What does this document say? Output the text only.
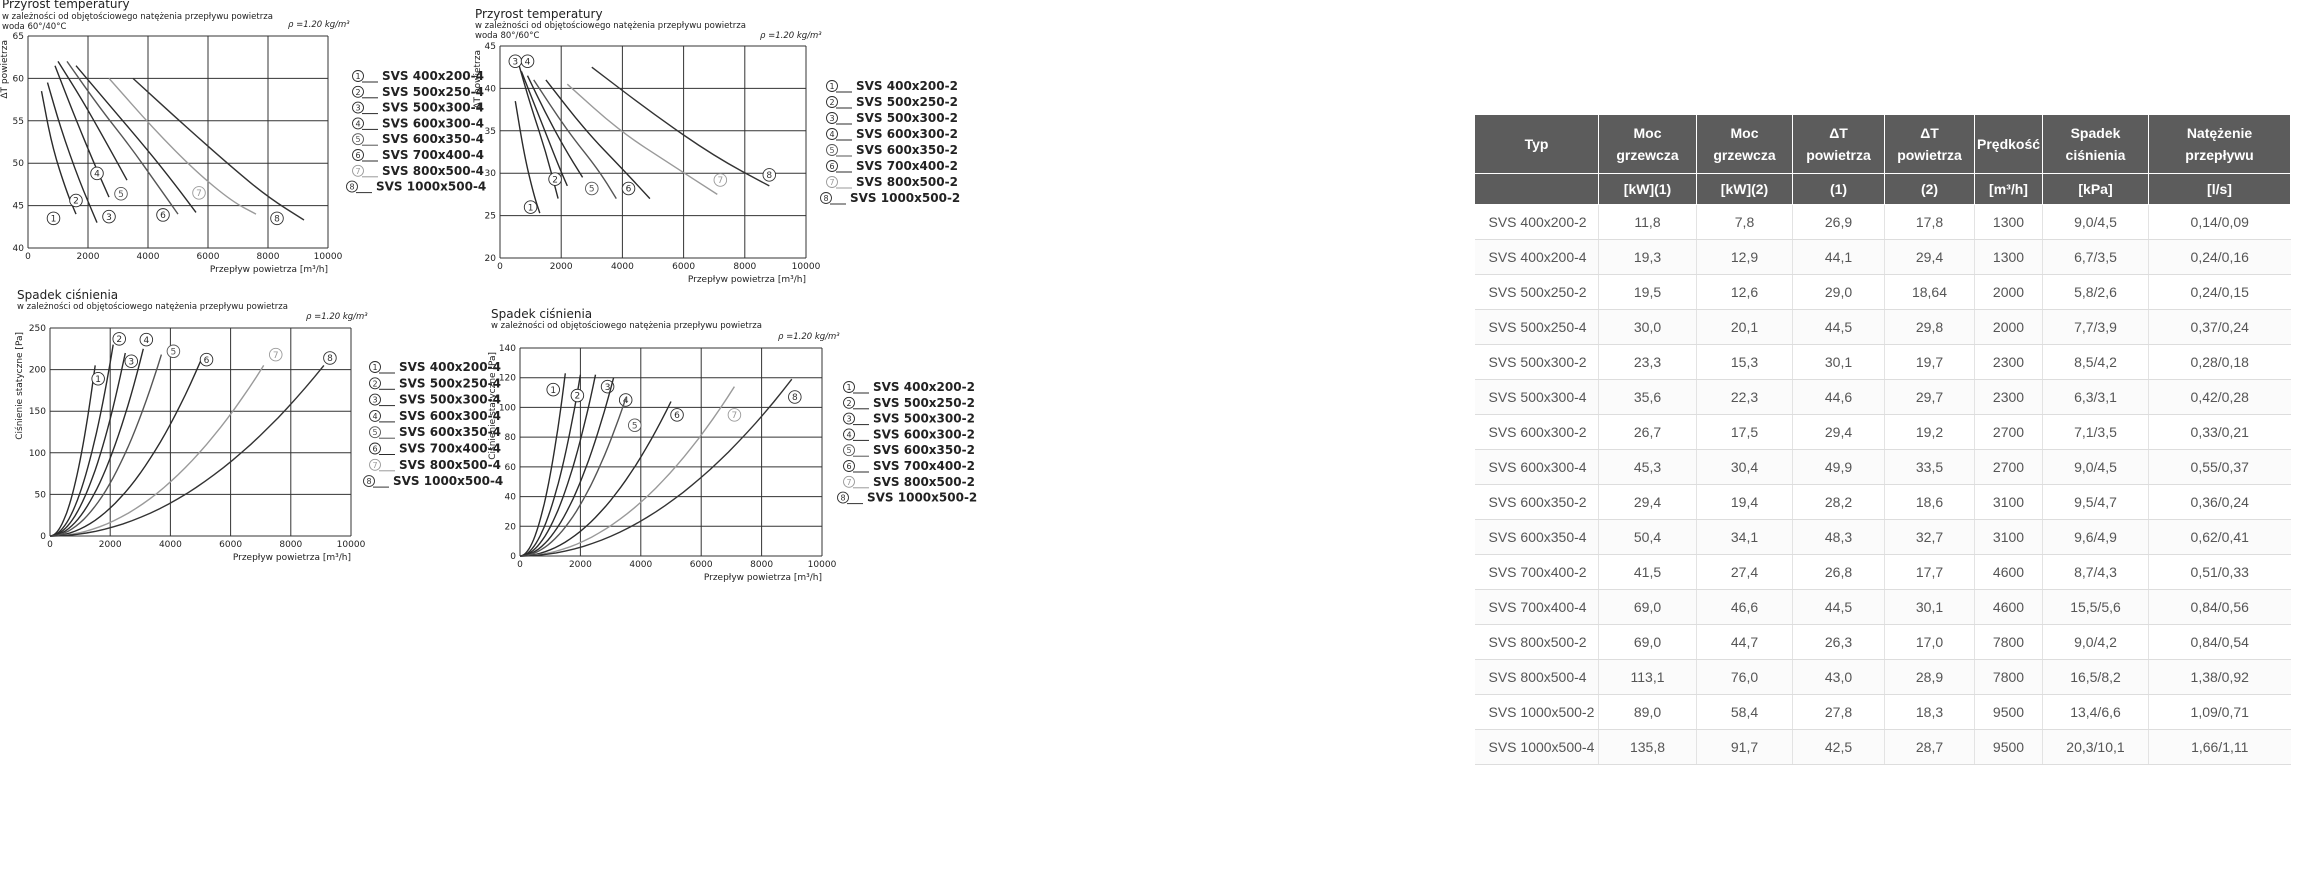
Przyrost temperatury
w zależności od objętościowego natężenia przepływu powietrza
woda 60°/40°C	ρ =1.20 kg/m³
0	2000	4000	6000	8000	10000
40
45
50
55
60
65
Przepływ powietrza [m³/h]
ΔT powietrza
1
2
3
4
5
6
7
8
1 SVS 400x200-4
2 SVS 500x250-4
3 SVS 500x300-4
4 SVS 600x300-4
5 SVS 600x350-4
6 SVS 700x400-4
7 SVS 800x500-4
8 SVS 1000x500-4
Przyrost temperatury
w zależności od objętościowego natężenia przepływu powietrza
woda 80°/60°C	ρ =1.20 kg/m³
0	2000	4000	6000	8000	10000
20
25
30
35
40
45
Przepływ powietrza [m³/h]
ΔT powietrza
1
2
3 4
5	6
7
8
1 SVS 400x200-2
2 SVS 500x250-2
3 SVS 500x300-2
4 SVS 600x300-2
5 SVS 600x350-2
6 SVS 700x400-2
7 SVS 800x500-2
8 SVS 1000x500-2
Spadek ciśnienia
w zależności od objętościowego natężenia przepływu powietrza
ρ =1.20 kg/m³
0	2000	4000	6000	8000	10000
0
50
100
150
200
250
Przepływ powietrza [m³/h]
Ciśnienie statyczne [Pa]	1
2
3
4
5
6	7	8
1 SVS 400x200-4
2 SVS 500x250-4
3 SVS 500x300-4
4 SVS 600x300-4
5 SVS 600x350-4
6 SVS 700x400-4
7 SVS 800x500-4
8 SVS 1000x500-4
Spadek ciśnienia
w zależności od objętościowego natężenia przepływu powietrza
ρ =1.20 kg/m³
0	2000	4000	6000	8000	10000
0
20
40
60
80
100
120
140
Przepływ powietrza [m³/h]
Ciśnienie statyczne [Pa]	1
2
3
4
5
6	7
8
1 SVS 400x200-2
2 SVS 500x250-2
3 SVS 500x300-2
4 SVS 600x300-2
5 SVS 600x350-2
6 SVS 700x400-2
7 SVS 800x500-2
8 SVS 1000x500-2
Typ	Moc grzewcza	Moc grzewcza	ΔT powietrza	ΔT powietrza	Prędkość	Spadek ciśnienia	Natężenie przepływu
	[kW](1)	[kW](2)	(1)	(2)	[m³/h]	[kPa]	[l/s]
SVS 400x200-2	11,8	7,8	26,9	17,8	1300	9,0/4,5	0,14/0,09
SVS 400x200-4	19,3	12,9	44,1	29,4	1300	6,7/3,5	0,24/0,16
SVS 500x250-2	19,5	12,6	29,0	18,64	2000	5,8/2,6	0,24/0,15
SVS 500x250-4	30,0	20,1	44,5	29,8	2000	7,7/3,9	0,37/0,24
SVS 500x300-2	23,3	15,3	30,1	19,7	2300	8,5/4,2	0,28/0,18
SVS 500x300-4	35,6	22,3	44,6	29,7	2300	6,3/3,1	0,42/0,28
SVS 600x300-2	26,7	17,5	29,4	19,2	2700	7,1/3,5	0,33/0,21
SVS 600x300-4	45,3	30,4	49,9	33,5	2700	9,0/4,5	0,55/0,37
SVS 600x350-2	29,4	19,4	28,2	18,6	3100	9,5/4,7	0,36/0,24
SVS 600x350-4	50,4	34,1	48,3	32,7	3100	9,6/4,9	0,62/0,41
SVS 700x400-2	41,5	27,4	26,8	17,7	4600	8,7/4,3	0,51/0,33
SVS 700x400-4	69,0	46,6	44,5	30,1	4600	15,5/5,6	0,84/0,56
SVS 800x500-2	69,0	44,7	26,3	17,0	7800	9,0/4,2	0,84/0,54
SVS 800x500-4	113,1	76,0	43,0	28,9	7800	16,5/8,2	1,38/0,92
SVS 1000x500-2	89,0	58,4	27,8	18,3	9500	13,4/6,6	1,09/0,71
SVS 1000x500-4	135,8	91,7	42,5	28,7	9500	20,3/10,1	1,66/1,11
